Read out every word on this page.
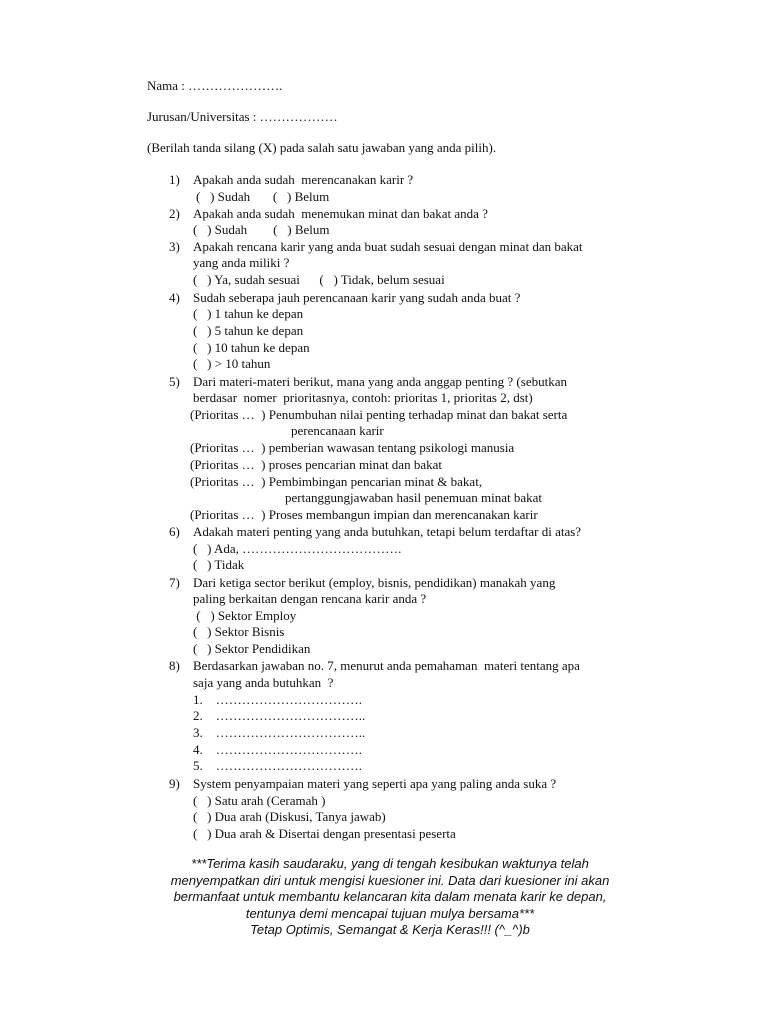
Nama : ………………….
Jurusan/Universitas : ………………
(Berilah tanda silang (X) pada salah satu jawaban yang anda pilih).
1) Apakah anda sudah  merencanakan karir ?
(   ) Sudah       (   ) Belum
2) Apakah anda sudah  menemukan minat dan bakat anda ?
(   ) Sudah        (   ) Belum
3) Apakah rencana karir yang anda buat sudah sesuai dengan minat dan bakat
yang anda miliki ?
(   ) Ya, sudah sesuai      (   ) Tidak, belum sesuai
4) Sudah seberapa jauh perencanaan karir yang sudah anda buat ?
(   ) 1 tahun ke depan
(   ) 5 tahun ke depan
(   ) 10 tahun ke depan
(   ) > 10 tahun
5) Dari materi-materi berikut, mana yang anda anggap penting ? (sebutkan
berdasar  nomer  prioritasnya, contoh: prioritas 1, prioritas 2, dst)
(Prioritas …  ) Penumbuhan nilai penting terhadap minat dan bakat serta
perencanaan karir
(Prioritas …  ) pemberian wawasan tentang psikologi manusia
(Prioritas …  ) proses pencarian minat dan bakat
(Prioritas …  ) Pembimbingan pencarian minat & bakat,
pertanggungjawaban hasil penemuan minat bakat
(Prioritas …  ) Proses membangun impian dan merencanakan karir
6) Adakah materi penting yang anda butuhkan, tetapi belum terdaftar di atas?
(   ) Ada, ……………………………….
(   ) Tidak
7) Dari ketiga sector berikut (employ, bisnis, pendidikan) manakah yang
paling berkaitan dengan rencana karir anda ?
(   ) Sektor Employ
(   ) Sektor Bisnis
(   ) Sektor Pendidikan
8) Berdasarkan jawaban no. 7, menurut anda pemahaman  materi tentang apa
saja yang anda butuhkan  ?
1.    …………………………….
2.    ……………………………..
3.    ……………………………..
4.    …………………………….
5.    …………………………….
9) System penyampaian materi yang seperti apa yang paling anda suka ?
(   ) Satu arah (Ceramah )
(   ) Dua arah (Diskusi, Tanya jawab)
(   ) Dua arah & Disertai dengan presentasi peserta
***Terima kasih saudaraku, yang di tengah kesibukan waktunya telah
menyempatkan diri untuk mengisi kuesioner ini. Data dari kuesioner ini akan
bermanfaat untuk membantu kelancaran kita dalam menata karir ke depan,
tentunya demi mencapai tujuan mulya bersama***
Tetap Optimis, Semangat & Kerja Keras!!! (^_^)b
